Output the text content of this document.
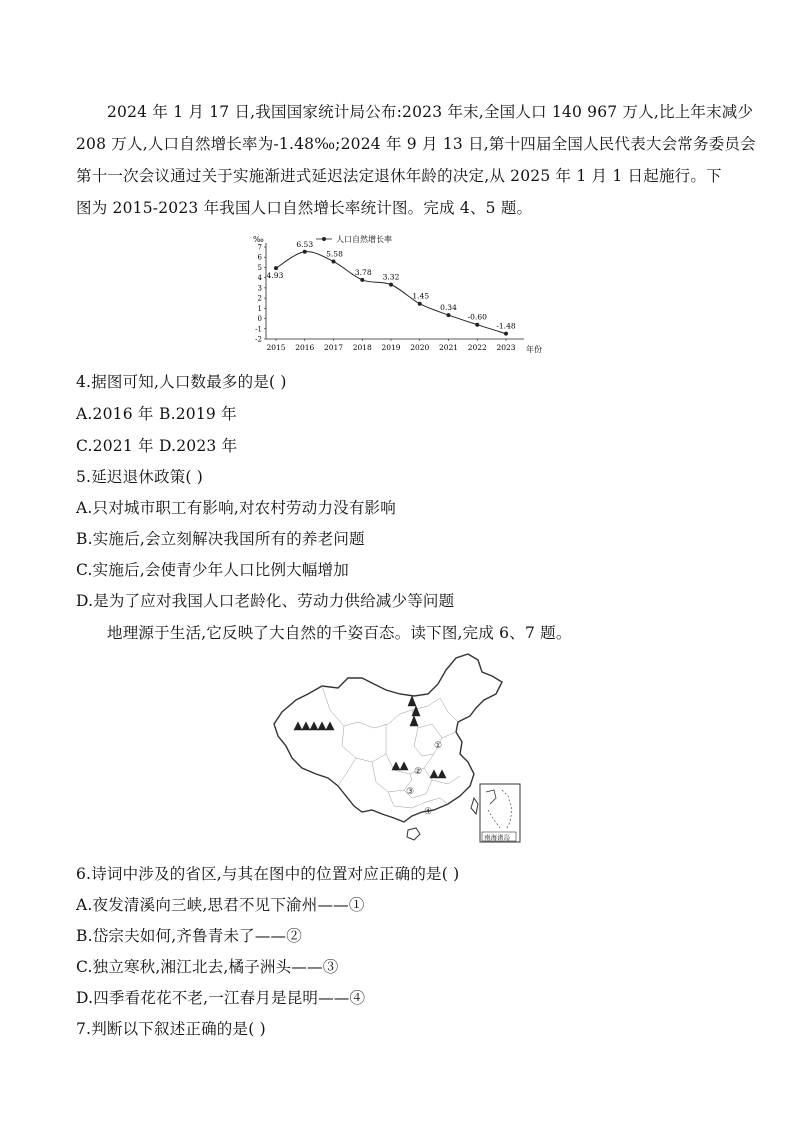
2024 年 1 月 17 日,我国国家统计局公布:2023 年末,全国人口 140 967 万人,比上年末减少
208 万人,人口自然增长率为-1.48‰;2024 年 9 月 13 日,第十四届全国人民代表大会常务委员会
第十一次会议通过关于实施渐进式延迟法定退休年龄的决定,从 2025 年 1 月 1 日起施行。下
图为 2015-2023 年我国人口自然增长率统计图。完成 4、5 题。
‰	人口自然增长率
年份
7
6
5
4
3
2
1
0
-1
-2
2015 2016 2017 2018 2019 2020 2021 2022 2023
4.93
6.53
5.58
3.78
3.32
1.45
0.34
-0.60
-1.48
4.据图可知,人口数最多的是( )
A.2016 年 B.2019 年
C.2021 年 D.2023 年
5.延迟退休政策( )
A.只对城市职工有影响,对农村劳动力没有影响
B.实施后,会立刻解决我国所有的养老问题
C.实施后,会使青少年人口比例大幅增加
D.是为了应对我国人口老龄化、劳动力供给减少等问题
地理源于生活,它反映了大自然的千姿百态。读下图,完成 6、7 题。
①
②
③
④
南海诸岛
6.诗词中涉及的省区,与其在图中的位置对应正确的是( )
A.夜发清溪向三峡,思君不见下渝州——①
B.岱宗夫如何,齐鲁青未了——②
C.独立寒秋,湘江北去,橘子洲头——③
D.四季看花花不老,一江春月是昆明——④
7.判断以下叙述正确的是( )
